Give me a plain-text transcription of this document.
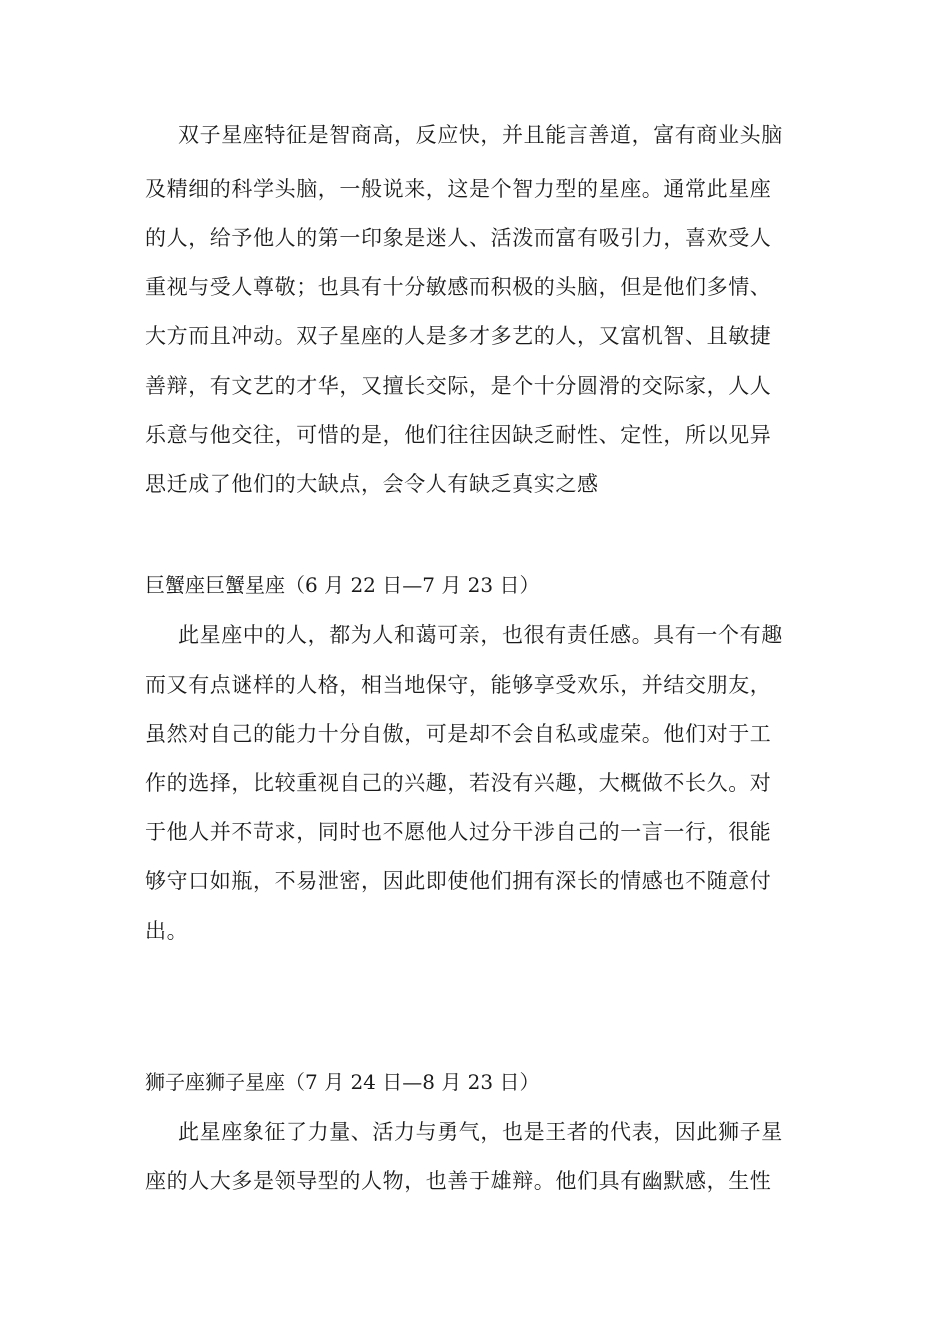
双子星座特征是智商高，反应快，并且能言善道，富有商业头脑
及精细的科学头脑，一般说来，这是个智力型的星座。通常此星座
的人，给予他人的第一印象是迷人、活泼而富有吸引力，喜欢受人
重视与受人尊敬；也具有十分敏感而积极的头脑，但是他们多情、
大方而且冲动。双子星座的人是多才多艺的人，又富机智、且敏捷
善辩，有文艺的才华，又擅长交际，是个十分圆滑的交际家，人人
乐意与他交往，可惜的是，他们往往因缺乏耐性、定性，所以见异
思迁成了他们的大缺点，会令人有缺乏真实之感
巨蟹座巨蟹星座（6 月 22 日—7 月 23 日）
此星座中的人，都为人和蔼可亲，也很有责任感。具有一个有趣
而又有点谜样的人格，相当地保守，能够享受欢乐，并结交朋友，
虽然对自己的能力十分自傲，可是却不会自私或虚荣。他们对于工
作的选择，比较重视自己的兴趣，若没有兴趣，大概做不长久。对
于他人并不苛求，同时也不愿他人过分干涉自己的一言一行，很能
够守口如瓶，不易泄密，因此即使他们拥有深长的情感也不随意付
出。
狮子座狮子星座（7 月 24 日—8 月 23 日）
此星座象征了力量、活力与勇气，也是王者的代表，因此狮子星
座的人大多是领导型的人物，也善于雄辩。他们具有幽默感，生性
